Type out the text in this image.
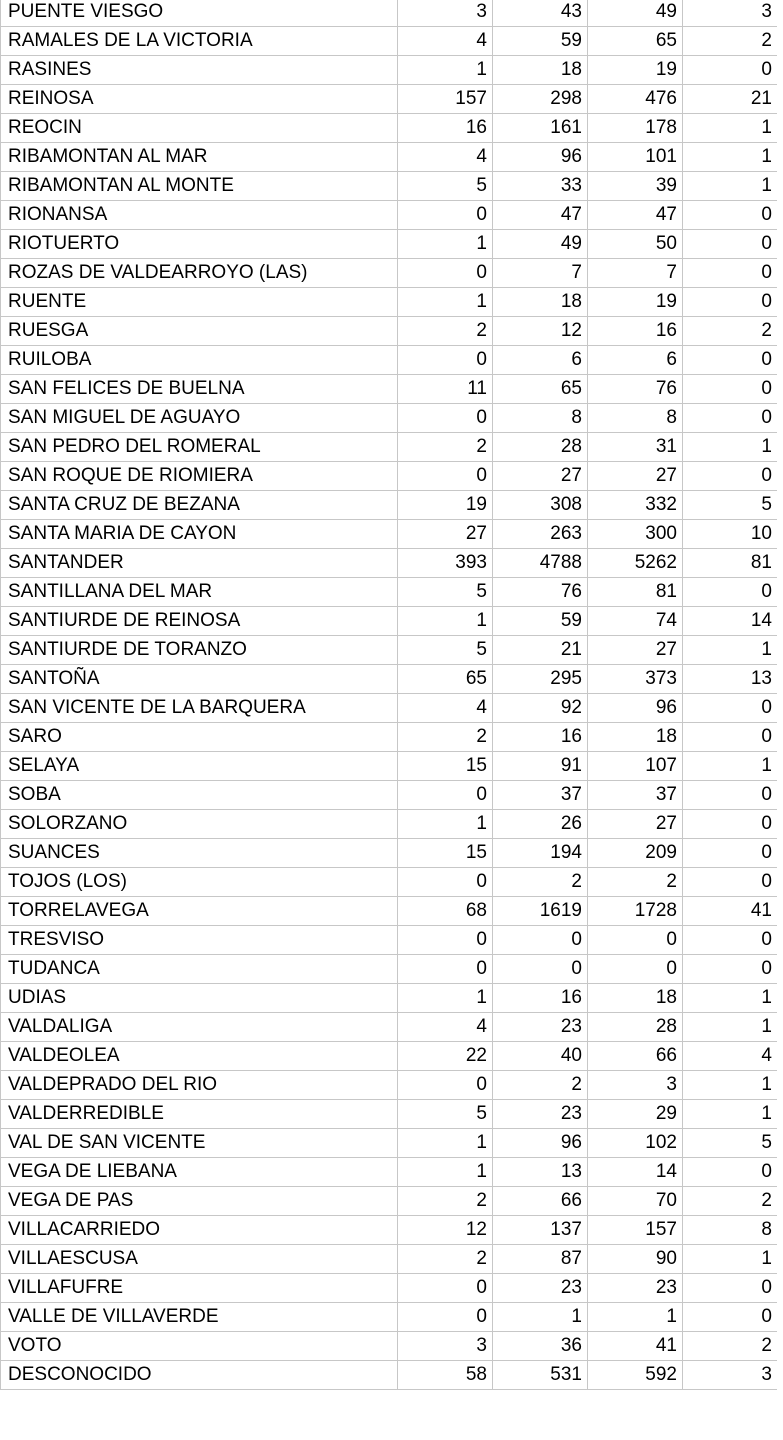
PUENTE VIESGO	3	43	49	3
RAMALES DE LA VICTORIA	4	59	65	2
RASINES	1	18	19	0
REINOSA	157	298	476	21
REOCIN	16	161	178	1
RIBAMONTAN AL MAR	4	96	101	1
RIBAMONTAN AL MONTE	5	33	39	1
RIONANSA	0	47	47	0
RIOTUERTO	1	49	50	0
ROZAS DE VALDEARROYO (LAS)	0	7	7	0
RUENTE	1	18	19	0
RUESGA	2	12	16	2
RUILOBA	0	6	6	0
SAN FELICES DE BUELNA	11	65	76	0
SAN MIGUEL DE AGUAYO	0	8	8	0
SAN PEDRO DEL ROMERAL	2	28	31	1
SAN ROQUE DE RIOMIERA	0	27	27	0
SANTA CRUZ DE BEZANA	19	308	332	5
SANTA MARIA DE CAYON	27	263	300	10
SANTANDER	393	4788	5262	81
SANTILLANA DEL MAR	5	76	81	0
SANTIURDE DE REINOSA	1	59	74	14
SANTIURDE DE TORANZO	5	21	27	1
SANTOÑA	65	295	373	13
SAN VICENTE DE LA BARQUERA	4	92	96	0
SARO	2	16	18	0
SELAYA	15	91	107	1
SOBA	0	37	37	0
SOLORZANO	1	26	27	0
SUANCES	15	194	209	0
TOJOS (LOS)	0	2	2	0
TORRELAVEGA	68	1619	1728	41
TRESVISO	0	0	0	0
TUDANCA	0	0	0	0
UDIAS	1	16	18	1
VALDALIGA	4	23	28	1
VALDEOLEA	22	40	66	4
VALDEPRADO DEL RIO	0	2	3	1
VALDERREDIBLE	5	23	29	1
VAL DE SAN VICENTE	1	96	102	5
VEGA DE LIEBANA	1	13	14	0
VEGA DE PAS	2	66	70	2
VILLACARRIEDO	12	137	157	8
VILLAESCUSA	2	87	90	1
VILLAFUFRE	0	23	23	0
VALLE DE VILLAVERDE	0	1	1	0
VOTO	3	36	41	2
DESCONOCIDO	58	531	592	3
